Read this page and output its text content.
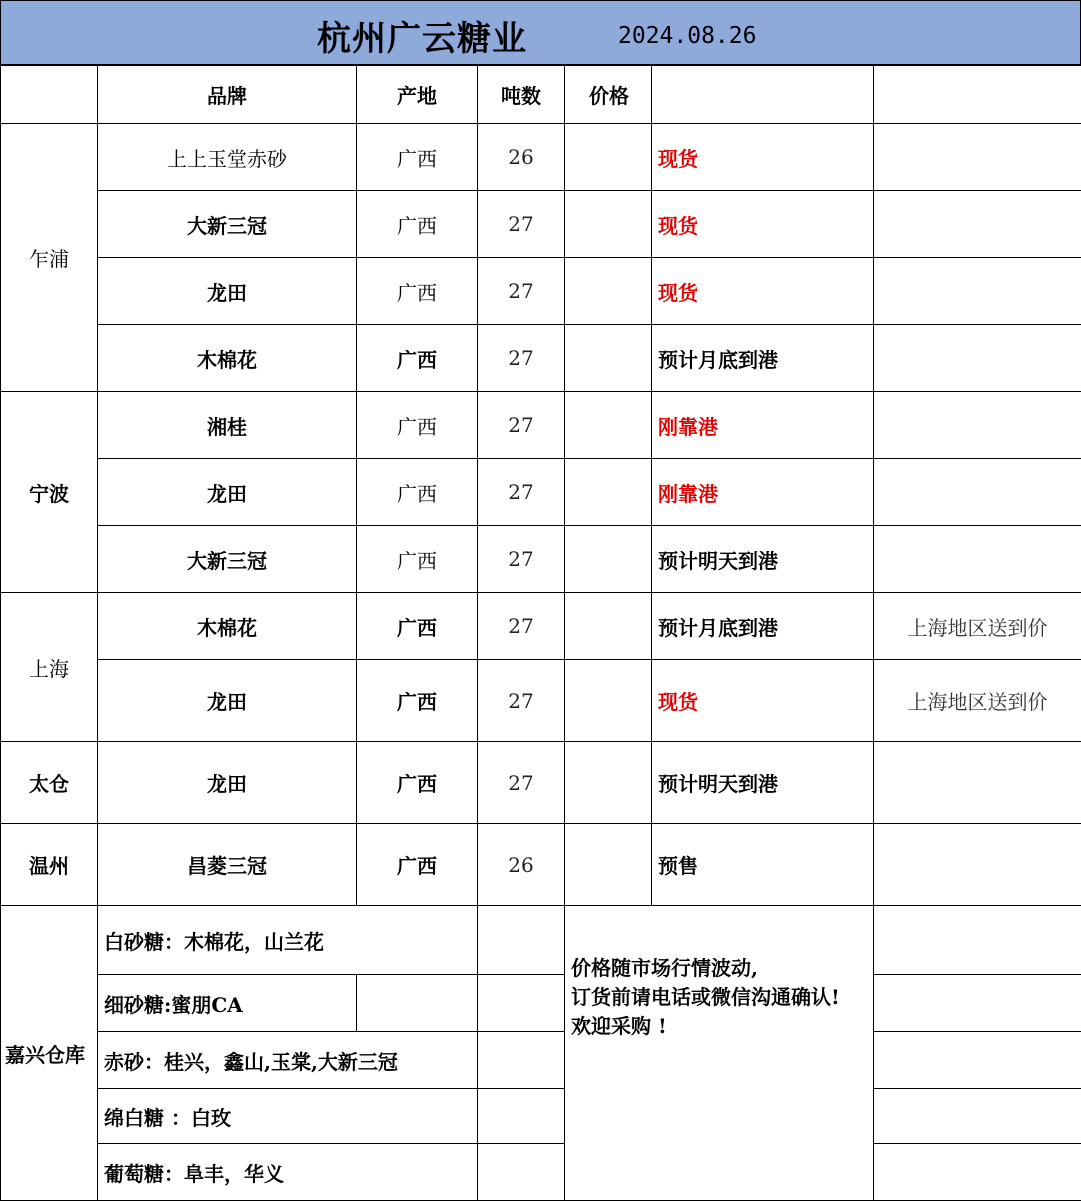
杭州广云糖业	2024.08.26
	品牌	产地	吨数	价格		
乍浦	上上玉堂赤砂	广西	26		现货	
	大新三冠	广西	27		现货	
	龙田	广西	27		现货	
	木棉花	广西	27		预计月底到港	
宁波	湘桂	广西	27		刚靠港	
	龙田	广西	27		刚靠港	
	大新三冠	广西	27		预计明天到港	
上海	木棉花	广西	27		预计月底到港	上海地区送到价
	龙田	广西	27		现货	上海地区送到价
太仓	龙田	广西	27		预计明天到港	
温州	昌菱三冠	广西	26		预售	
嘉兴仓库	白砂糖：木棉花，山兰花			价格随市场行情波动,
订货前请电话或微信沟通确认!
欢迎采购 !		
	细砂糖:蜜朋CA					
	赤砂：桂兴，鑫山,玉棠,大新三冠					
	绵白糖 ：白玫					
	葡萄糖：阜丰，华义					
